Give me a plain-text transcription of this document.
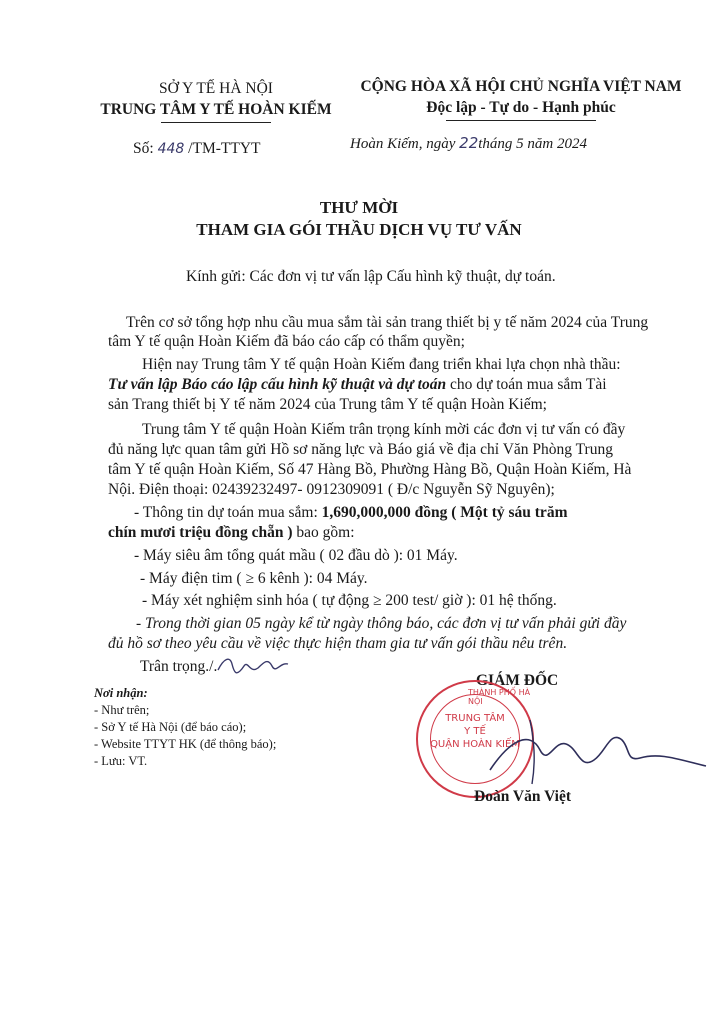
SỞ Y TẾ HÀ NỘI
TRUNG TÂM Y TẾ HOÀN KIẾM
CỘNG HÒA XÃ HỘI CHỦ NGHĨA VIỆT NAM
Độc lập - Tự do - Hạnh phúc
Số: 448 /TM-TTYT	Hoàn Kiếm, ngày 22tháng 5 năm 2024
THƯ MỜI
THAM GIA GÓI THẦU DỊCH VỤ TƯ VẤN
Kính gửi: Các đơn vị tư vấn lập Cấu hình kỹ thuật, dự toán.
Trên cơ sở tổng hợp nhu cầu mua sắm tài sản trang thiết bị y tế năm 2024 của Trung
tâm Y tế quận Hoàn Kiếm đã báo cáo cấp có thẩm quyền;
Hiện nay Trung tâm Y tế quận Hoàn Kiếm đang triển khai lựa chọn nhà thầu:
Tư vấn lập Báo cáo lập cấu hình kỹ thuật và dự toán cho dự toán mua sắm Tài
sản Trang thiết bị Y tế năm 2024 của Trung tâm Y tế quận Hoàn Kiếm;
Trung tâm Y tế quận Hoàn Kiếm trân trọng kính mời các đơn vị tư vấn có đầy
đủ năng lực quan tâm gửi Hồ sơ năng lực và Báo giá về địa chỉ Văn Phòng Trung
tâm Y tế quận Hoàn Kiếm, Số 47 Hàng Bồ, Phường Hàng Bồ, Quận Hoàn Kiếm, Hà
Nội. Điện thoại: 02439232497- 0912309091 ( Đ/c Nguyễn Sỹ Nguyên);
- Thông tin dự toán mua sắm: 1,690,000,000 đồng ( Một tỷ sáu trăm
chín mươi triệu đồng chẵn ) bao gồm:
- Máy siêu âm tổng quát mầu ( 02 đầu dò ): 01 Máy.
- Máy điện tim ( ≥ 6 kênh ): 04 Máy.
- Máy xét nghiệm sinh hóa ( tự động ≥ 200 test/ giờ ): 01 hệ thống.
- Trong thời gian 05 ngày kể từ ngày thông báo, các đơn vị tư vấn phải gửi đầy
đủ hồ sơ theo yêu cầu về việc thực hiện tham gia tư vấn gói thầu nêu trên.
Trân trọng./.
Nơi nhận:
- Như trên;
- Sở Y tế Hà Nội (để báo cáo);
- Website TTYT HK (để thông báo);
- Lưu: VT.
GIÁM ĐỐC
THÀNH PHỐ HÀ NỘI
TRUNG TÂM
Y TẾ
QUẬN HOÀN KIẾM
Đoàn Văn Việt
